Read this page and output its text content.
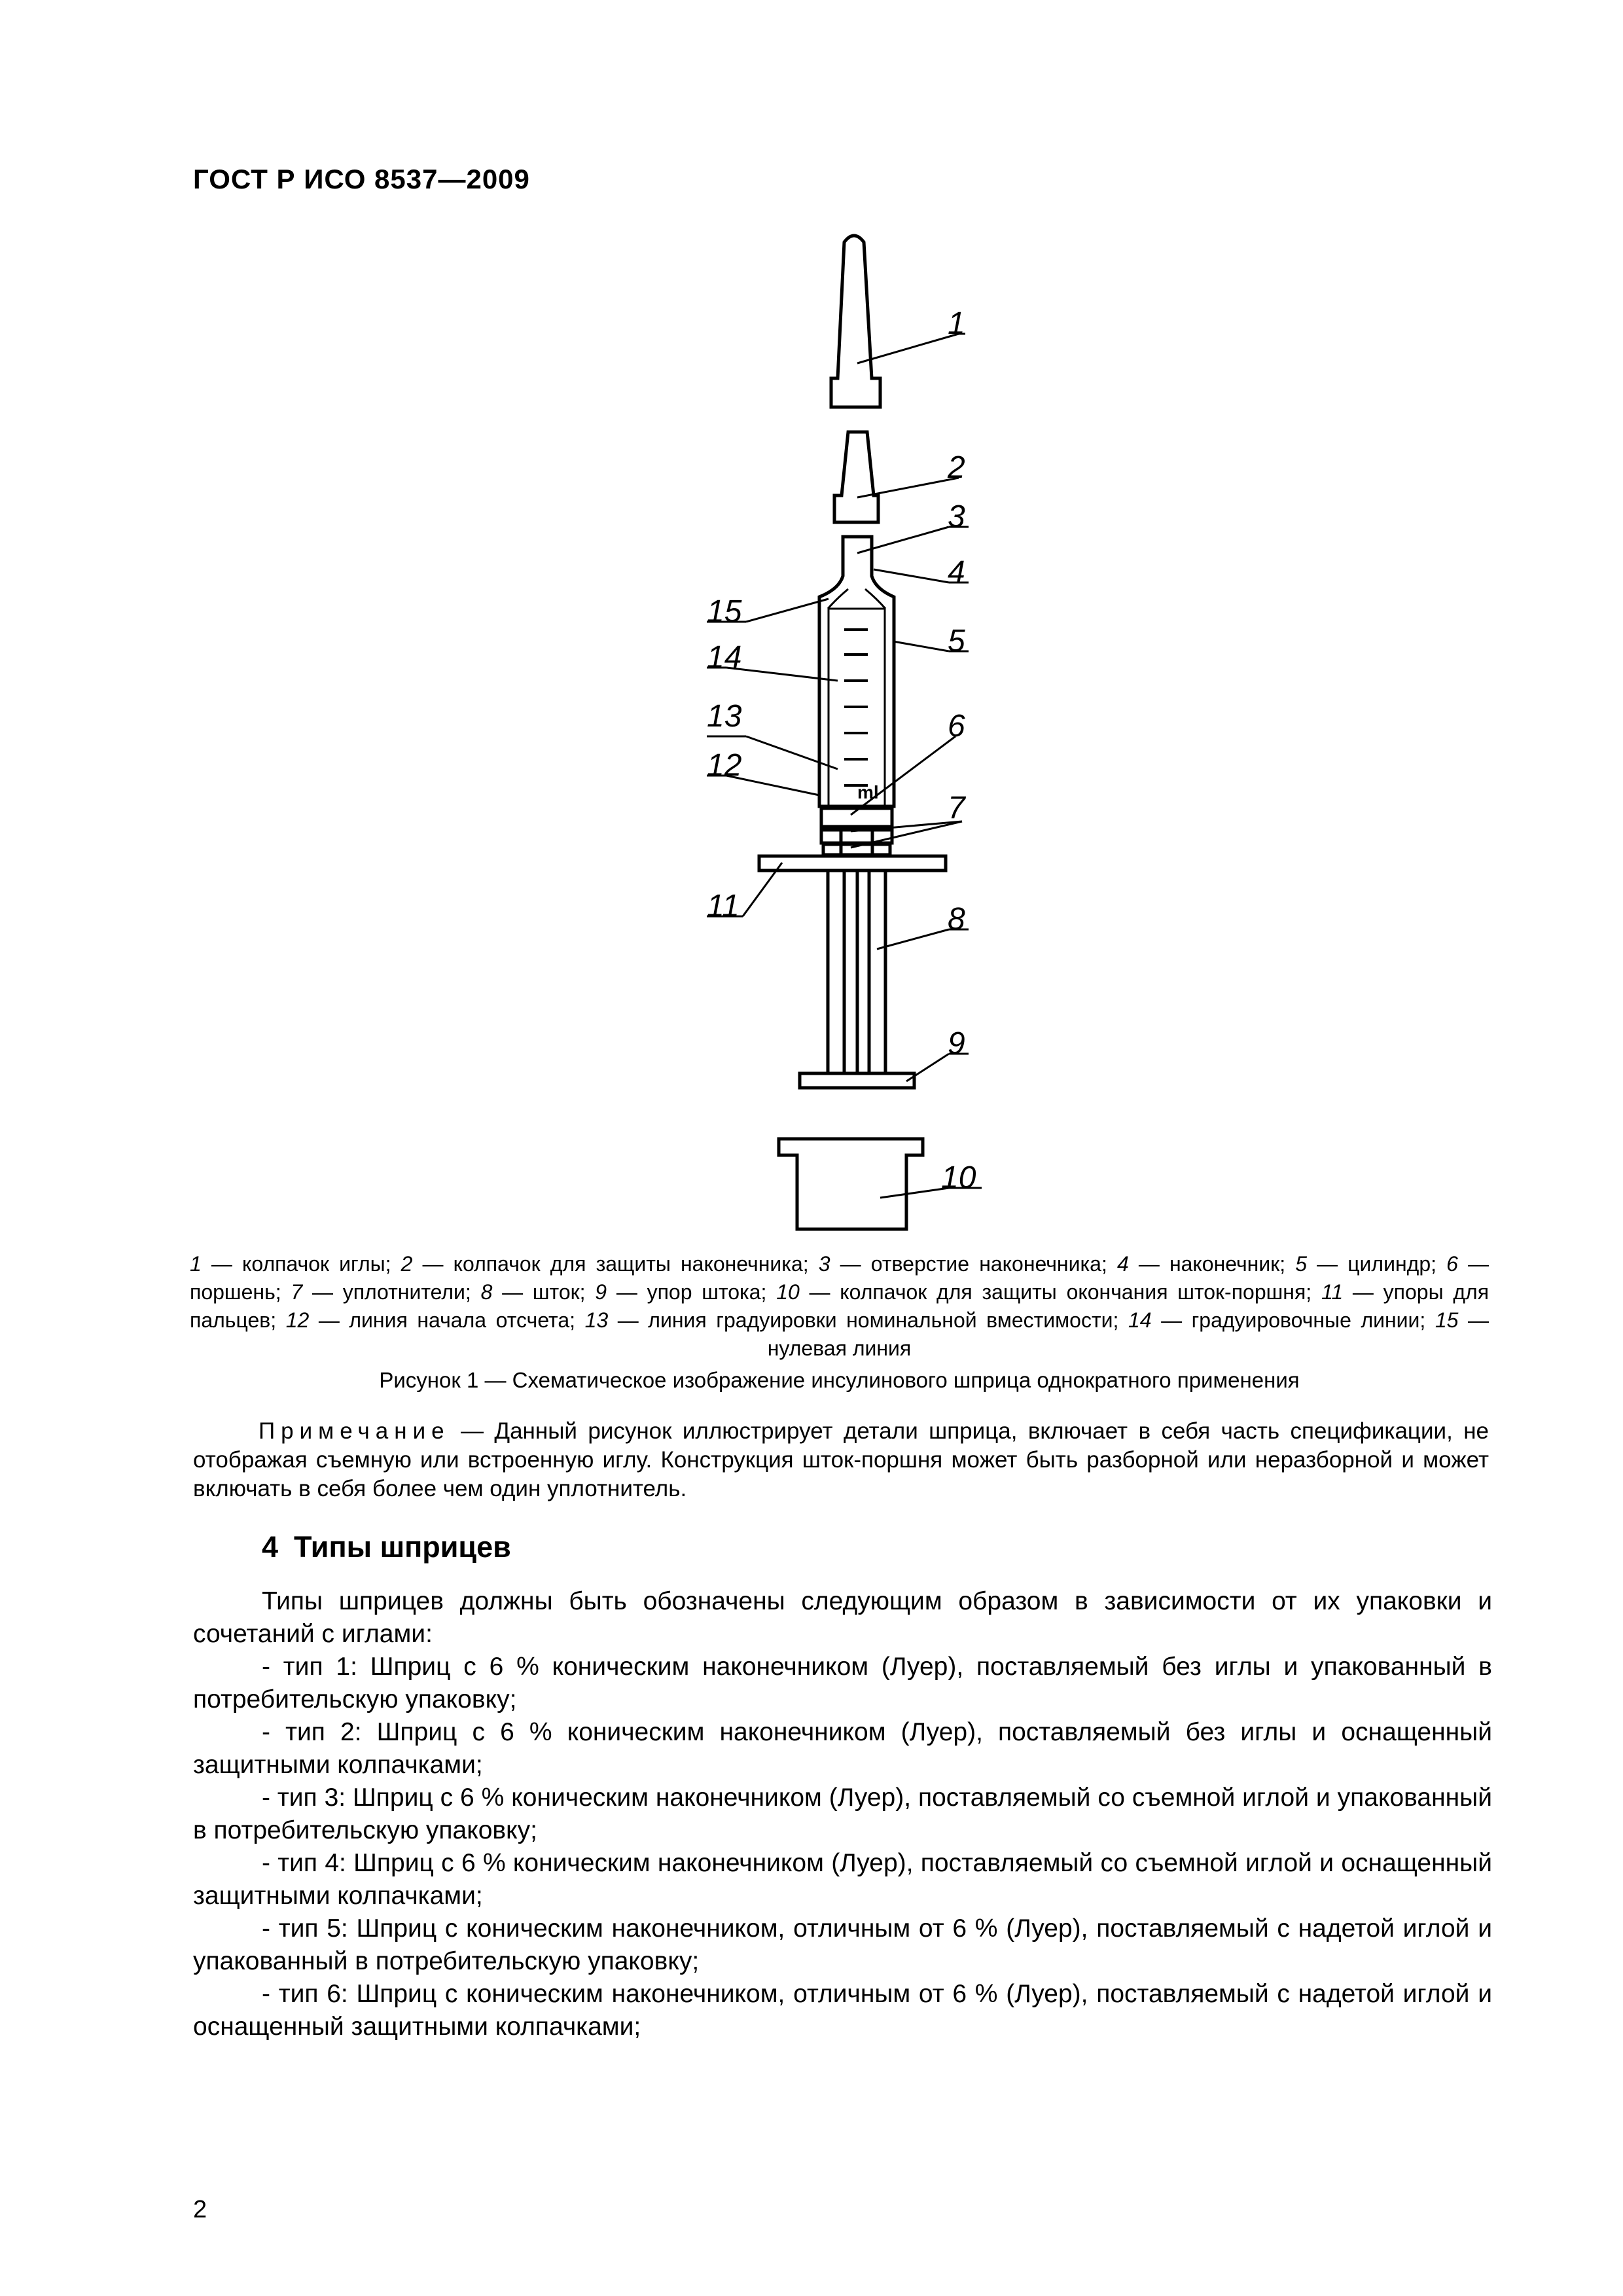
ГОСТ Р ИСО 8537—2009
ml
1
2
3
4
5
6
7
8
9
10
11
12
13
14
15
1 — колпачок иглы; 2 — колпачок для защиты наконечника; 3 — отверстие наконечника; 4 — наконечник; 5 — цилиндр; 6 — поршень; 7 — уплотнители; 8 — шток; 9 — упор штока; 10 — колпачок для защиты окончания шток-поршня; 11 — упоры для пальцев; 12 — линия начала отсчета; 13 — линия градуировки номинальной вместимости; 14 — градуировочные линии; 15 — нулевая линия
Рисунок 1 — Схематическое изображение инсулинового шприца однократного применения
Примечание — Данный рисунок иллюстрирует детали шприца, включает в себя часть спецификации, не отображая съемную или встроенную иглу. Конструкция шток-поршня может быть разборной или неразборной и может включать в себя более чем один уплотнитель.
4 Типы шприцев
Типы шприцев должны быть обозначены следующим образом в зависимости от их упаковки и сочетаний с иглами:
- тип 1: Шприц с 6 % коническим наконечником (Луер), поставляемый без иглы и упакованный в потребительскую упаковку;
- тип 2: Шприц с 6 % коническим наконечником (Луер), поставляемый без иглы и оснащенный защитными колпачками;
- тип 3: Шприц с 6 % коническим наконечником (Луер), поставляемый со съемной иглой и упакованный в потребительскую упаковку;
- тип 4: Шприц с 6 % коническим наконечником (Луер), поставляемый со съемной иглой и оснащенный защитными колпачками;
- тип 5: Шприц с коническим наконечником, отличным от 6 % (Луер), поставляемый с надетой иглой и упакованный в потребительскую упаковку;
- тип 6: Шприц с коническим наконечником, отличным от 6 % (Луер), поставляемый с надетой иглой и оснащенный защитными колпачками;
2
